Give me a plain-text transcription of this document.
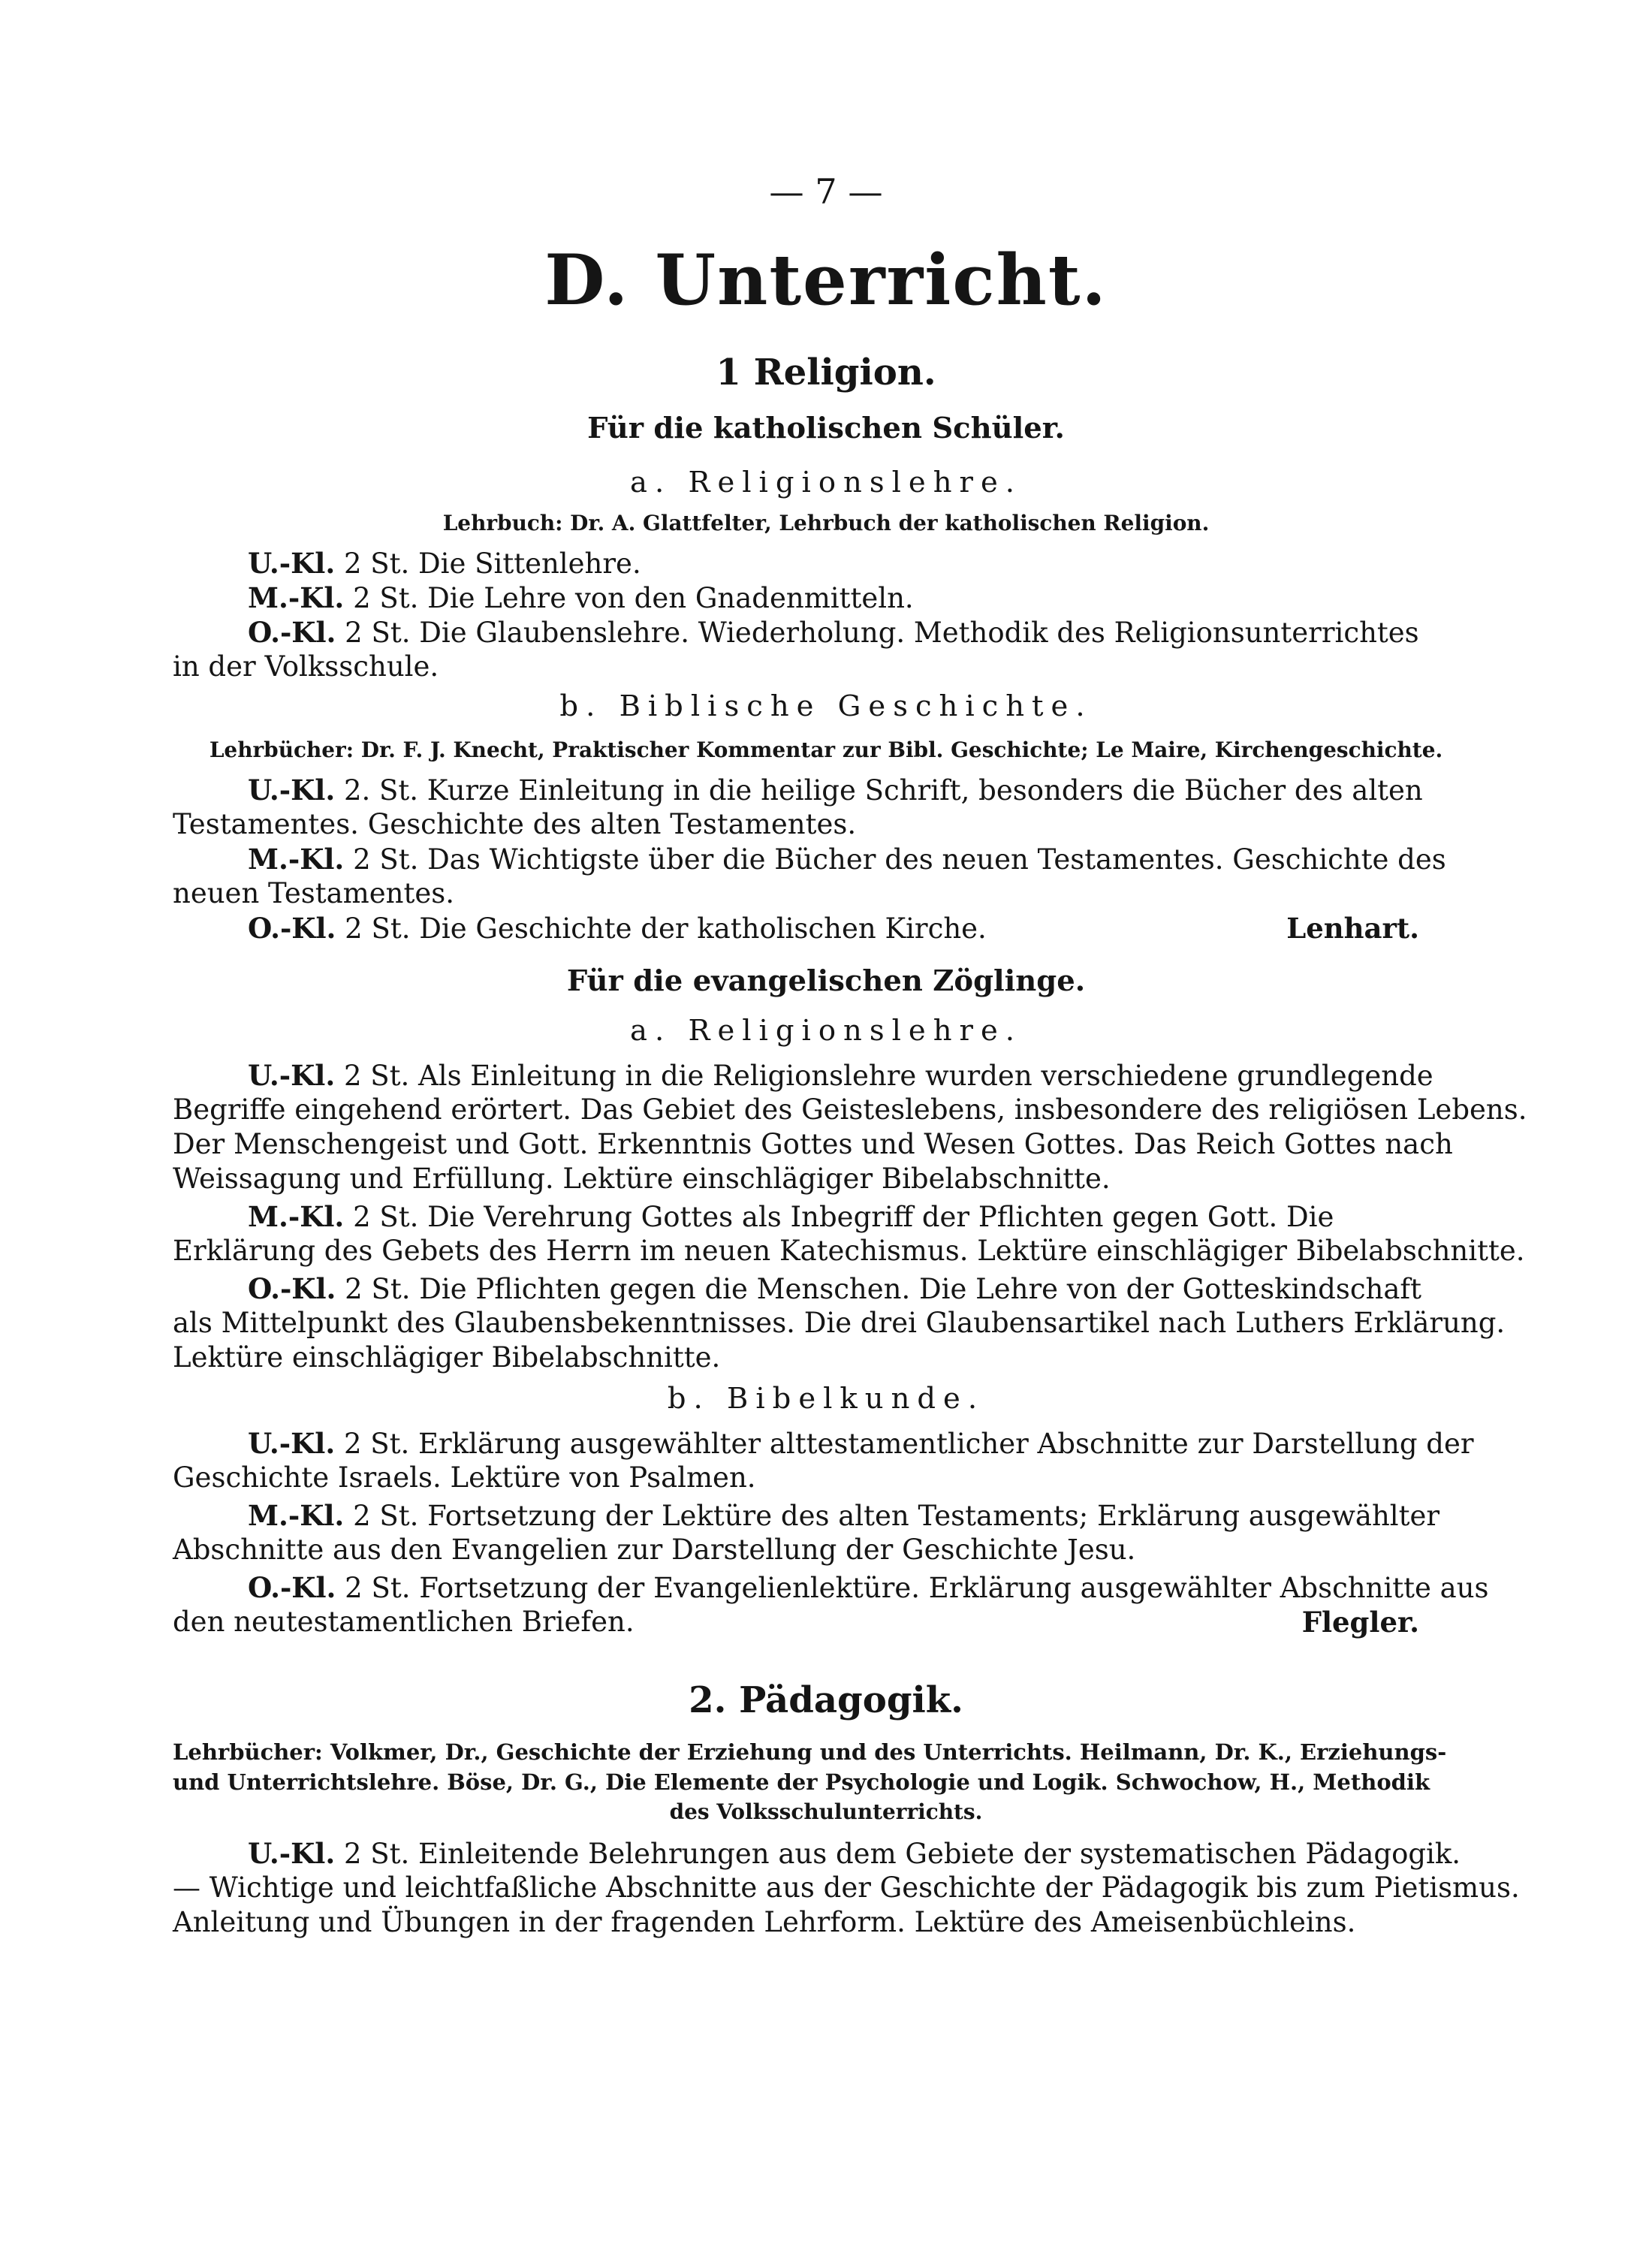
— 7 —
D. Unterricht.
1 Religion.
Für die katholischen Schüler.
a. Religionslehre.
Lehrbuch: Dr. A. Glattfelter, Lehrbuch der katholischen Religion.
U.-Kl. 2 St. Die Sittenlehre.
M.-Kl. 2 St. Die Lehre von den Gnadenmitteln.
O.-Kl. 2 St. Die Glaubenslehre. Wiederholung. Methodik des Religionsunterrichtes
in der Volksschule.
b. Biblische Geschichte.
Lehrbücher: Dr. F. J. Knecht, Praktischer Kommentar zur Bibl. Geschichte; Le Maire, Kirchengeschichte.
U.-Kl. 2. St. Kurze Einleitung in die heilige Schrift, besonders die Bücher des alten
Testamentes. Geschichte des alten Testamentes.
M.-Kl. 2 St. Das Wichtigste über die Bücher des neuen Testamentes. Geschichte des
neuen Testamentes.
O.-Kl. 2 St. Die Geschichte der katholischen Kirche.	Lenhart.
Für die evangelischen Zöglinge.
a. Religionslehre.
U.-Kl. 2 St. Als Einleitung in die Religionslehre wurden verschiedene grundlegende
Begriffe eingehend erörtert. Das Gebiet des Geisteslebens, insbesondere des religiösen Lebens.
Der Menschengeist und Gott. Erkenntnis Gottes und Wesen Gottes. Das Reich Gottes nach
Weissagung und Erfüllung. Lektüre einschlägiger Bibelabschnitte.
M.-Kl. 2 St. Die Verehrung Gottes als Inbegriff der Pflichten gegen Gott. Die
Erklärung des Gebets des Herrn im neuen Katechismus. Lektüre einschlägiger Bibelabschnitte.
O.-Kl. 2 St. Die Pflichten gegen die Menschen. Die Lehre von der Gotteskindschaft
als Mittelpunkt des Glaubensbekenntnisses. Die drei Glaubensartikel nach Luthers Erklärung.
Lektüre einschlägiger Bibelabschnitte.
b. Bibelkunde.
U.-Kl. 2 St. Erklärung ausgewählter alttestamentlicher Abschnitte zur Darstellung der
Geschichte Israels. Lektüre von Psalmen.
M.-Kl. 2 St. Fortsetzung der Lektüre des alten Testaments; Erklärung ausgewählter
Abschnitte aus den Evangelien zur Darstellung der Geschichte Jesu.
O.-Kl. 2 St. Fortsetzung der Evangelienlektüre. Erklärung ausgewählter Abschnitte aus
den neutestamentlichen Briefen.	Flegler.
2. Pädagogik.
Lehrbücher: Volkmer, Dr., Geschichte der Erziehung und des Unterrichts. Heilmann, Dr. K., Erziehungs-
und Unterrichtslehre. Böse, Dr. G., Die Elemente der Psychologie und Logik. Schwochow, H., Methodik
des Volksschulunterrichts.
U.-Kl. 2 St. Einleitende Belehrungen aus dem Gebiete der systematischen Pädagogik.
— Wichtige und leichtfaßliche Abschnitte aus der Geschichte der Pädagogik bis zum Pietismus.
Anleitung und Übungen in der fragenden Lehrform. Lektüre des Ameisenbüchleins.
